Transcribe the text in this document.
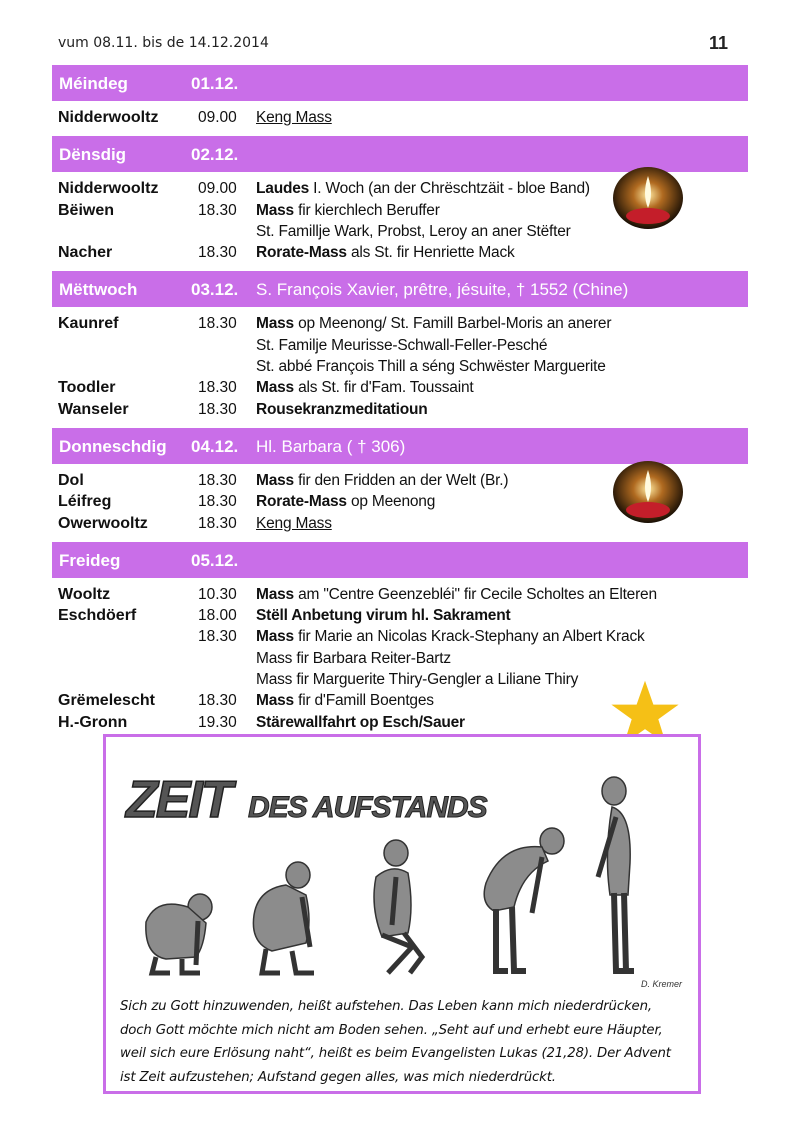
vum 08.11. bis de 14.12.2014	11
Méindeg	01.12.
Nidderwooltz	09.00 Keng Mass
Dënsdig	02.12.
Nidderwooltz	09.00 Laudes I. Woch (an der Chrëschtzäit - bloe Band)
Bëiwen	18.30 Mass fir kierchlech Beruffer
St. Famillje Wark, Probst, Leroy an aner Stëfter
Nacher	18.30 Rorate-Mass als St. fir Henriette Mack
Mëttwoch	03.12. S. François Xavier, prêtre, jésuite, † 1552 (Chine)
Kaunref	18.30 Mass op Meenong/ St. Famill Barbel-Moris an anerer
St. Familje Meurisse-Schwall-Feller-Pesché
St. abbé François Thill a séng Schwëster Marguerite
Toodler	18.30 Mass als St. fir d'Fam. Toussaint
Wanseler	18.30 Rousekranzmeditatioun
Donneschdig 04.12. Hl. Barbara ( † 306)
Dol	18.30 Mass fir den Fridden an der Welt (Br.)
Léifreg	18.30 Rorate-Mass op Meenong
Owerwooltz	18.30 Keng Mass
Freideg	05.12.
Wooltz	10.30 Mass am "Centre Geenzebléi" fir Cecile Scholtes an Elteren
Eschdöerf	18.00 Stëll Anbetung virum hl. Sakrament
18.30 Mass fir Marie an Nicolas Krack-Stephany an Albert Krack
Mass fir Barbara Reiter-Bartz
Mass fir Marguerite Thiry-Gengler a Liliane Thiry
Grëmelescht	18.30 Mass fir d'Famill Boentges
H.-Gronn	19.30 Stärewallfahrt op Esch/Sauer
ZEIT DES AUFSTANDS
D. Kremer
Sich zu Gott hinzuwenden, heißt aufstehen. Das Leben kann mich niederdrücken, doch Gott möchte mich nicht am Boden sehen. „Seht auf und erhebt eure Häupter, weil sich eure Erlösung naht“, heißt es beim Evangelisten Lukas (21,28). Der Advent ist Zeit aufzustehen; Aufstand gegen alles, was mich niederdrückt.
